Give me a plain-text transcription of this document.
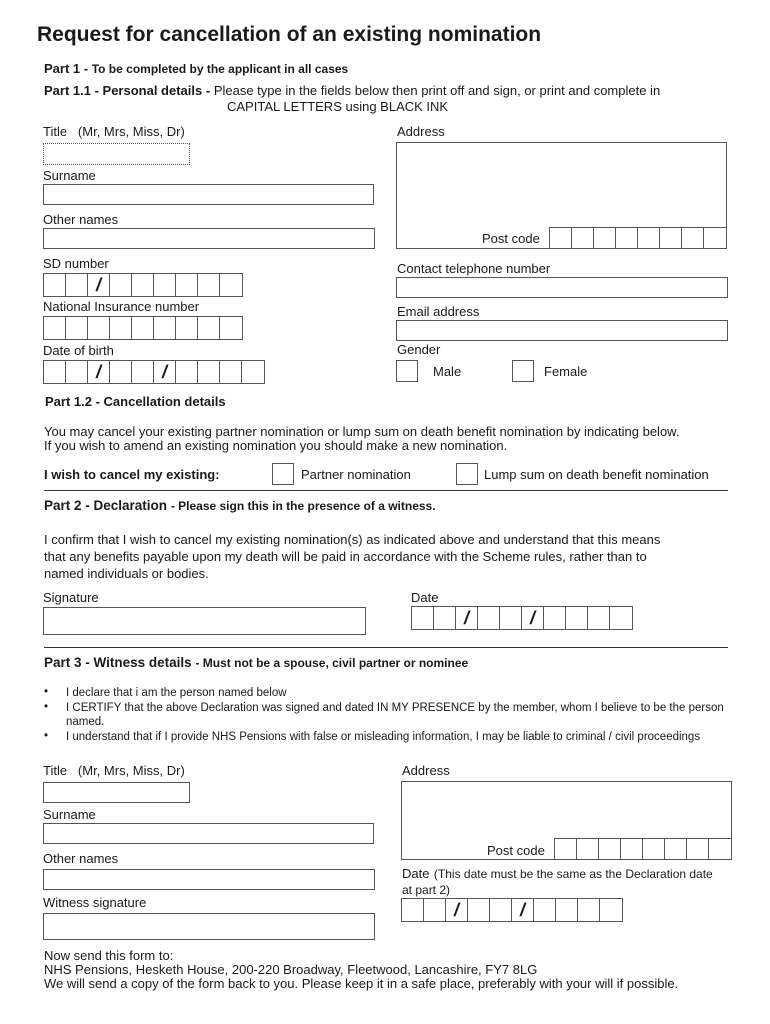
Request for cancellation of an existing nomination
Part 1 - To be completed by the applicant in all cases
Part 1.1 - Personal details - Please type in the fields below then print off and sign, or print and complete in
CAPITAL LETTERS using BLACK INK
Title (Mr, Mrs, Miss, Dr)
Surname
Other names
SD number
/
National Insurance number
Date of birth
/	/
Address
Post code
Contact telephone number
Email address
Gender
Male	Female
Part 1.2 - Cancellation details
You may cancel your existing partner nomination or lump sum on death benefit nomination by indicating below.
If you wish to amend an existing nomination you should make a new nomination.
I wish to cancel my existing:	Partner nomination	Lump sum on death benefit nomination
Part 2 - Declaration - Please sign this in the presence of a witness.
I confirm that I wish to cancel my existing nomination(s) as indicated above and understand that this means
that any benefits payable upon my death will be paid in accordance with the Scheme rules, rather than to
named individuals or bodies.
Signature	Date
/	/
Part 3 - Witness details - Must not be a spouse, civil partner or nominee
• I declare that i am the person named below
• I CERTIFY that the above Declaration was signed and dated IN MY PRESENCE by the member, whom I believe to be the person named.
• I understand that if I provide NHS Pensions with false or misleading information, I may be liable to criminal / civil proceedings
Title (Mr, Mrs, Miss, Dr)
Surname
Other names
Witness signature
Address
Post code
Date (This date must be the same as the Declaration date
at part 2)
/	/
Now send this form to:
NHS Pensions, Hesketh House, 200-220 Broadway, Fleetwood, Lancashire, FY7 8LG
We will send a copy of the form back to you. Please keep it in a safe place, preferably with your will if possible.
